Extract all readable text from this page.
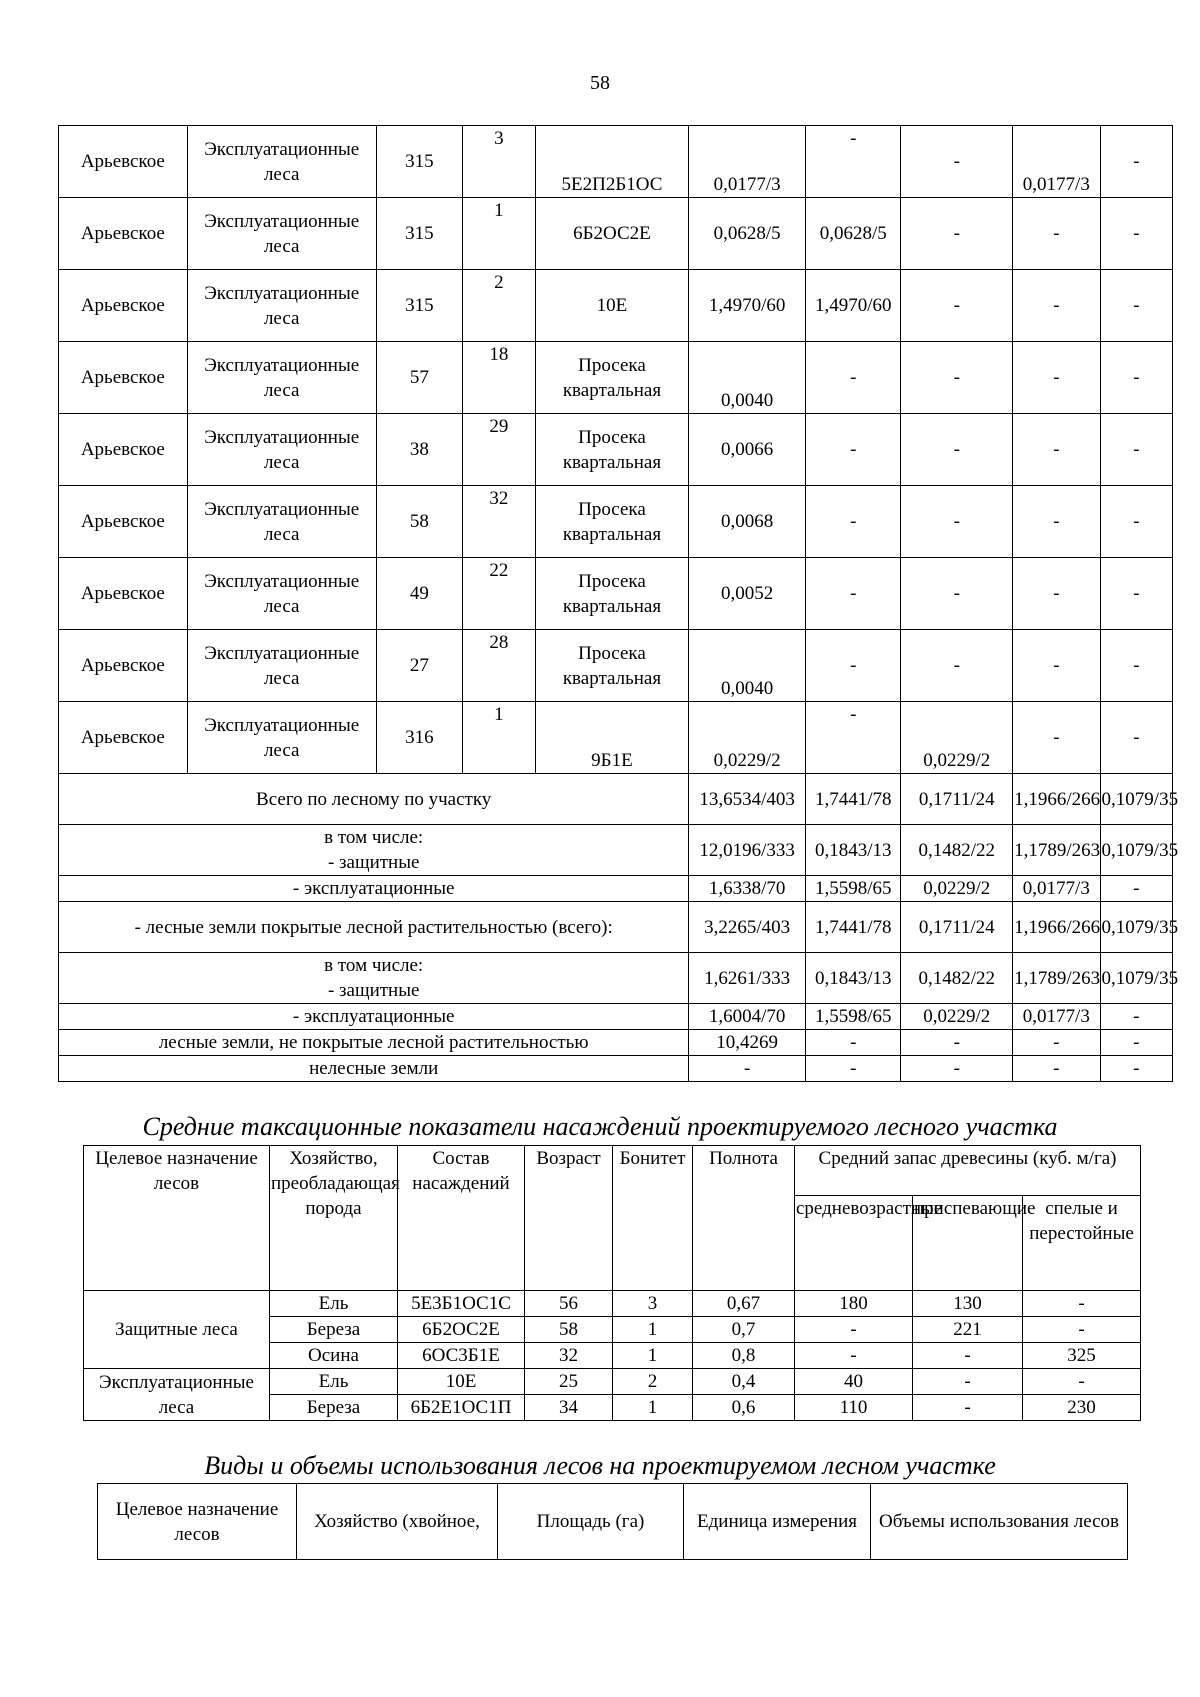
58
Арьевское	Эксплуатационные леса	315	3	5Е2П2Б1ОС	0,0177/3	-	-	0,0177/3	-
Арьевское	Эксплуатационные леса	315	1	6Б2ОС2Е	0,0628/5	0,0628/5	-	-	-
Арьевское	Эксплуатационные леса	315	2	10Е	1,4970/60	1,4970/60	-	-	-
Арьевское	Эксплуатационные леса	57	18	Просека квартальная	0,0040	-	-	-	-
Арьевское	Эксплуатационные леса	38	29	Просека квартальная	0,0066	-	-	-	-
Арьевское	Эксплуатационные леса	58	32	Просека квартальная	0,0068	-	-	-	-
Арьевское	Эксплуатационные леса	49	22	Просека квартальная	0,0052	-	-	-	-
Арьевское	Эксплуатационные леса	27	28	Просека квартальная	0,0040	-	-	-	-
Арьевское	Эксплуатационные леса	316	1	9Б1Е	0,0229/2	-	0,0229/2	-	-
Всего по лесному по участку					13,6534/403	1,7441/78	0,1711/24	1,1966/266	0,1079/35
в том числе:
- защитные					12,0196/333	0,1843/13	0,1482/22	1,1789/263	0,1079/35
- эксплуатационные					1,6338/70	1,5598/65	0,0229/2	0,0177/3	-
- лесные земли покрытые лесной растительностью (всего):					3,2265/403	1,7441/78	0,1711/24	1,1966/266	0,1079/35
в том числе:
- защитные					1,6261/333	0,1843/13	0,1482/22	1,1789/263	0,1079/35
- эксплуатационные					1,6004/70	1,5598/65	0,0229/2	0,0177/3	-
лесные земли, не покрытые лесной растительностью					10,4269	-	-	-	-
нелесные земли					-	-	-	-	-
Средние таксационные показатели насаждений проектируемого лесного участка
Целевое назначение лесов	Хозяйство, преобладающая порода	Состав насаждений	Возраст	Бонитет	Полнота	Средний запас древесины (куб. м/га)		
						средневозрастные	приспевающие	спелые и перестойные
Защитные леса	Ель	5Е3Б1ОС1С	56	3	0,67	180	130	-
	Береза	6Б2ОС2Е	58	1	0,7	-	221	-
	Осина	6ОС3Б1Е	32	1	0,8	-	-	325
Эксплуатационные леса	Ель	10Е	25	2	0,4	40	-	-
	Береза	6Б2Е1ОС1П	34	1	0,6	110	-	230
Виды и объемы использования лесов на проектируемом лесном участке
Целевое назначение лесов	Хозяйство (хвойное,	Площадь (га)	Единица измерения	Объемы использования лесов
